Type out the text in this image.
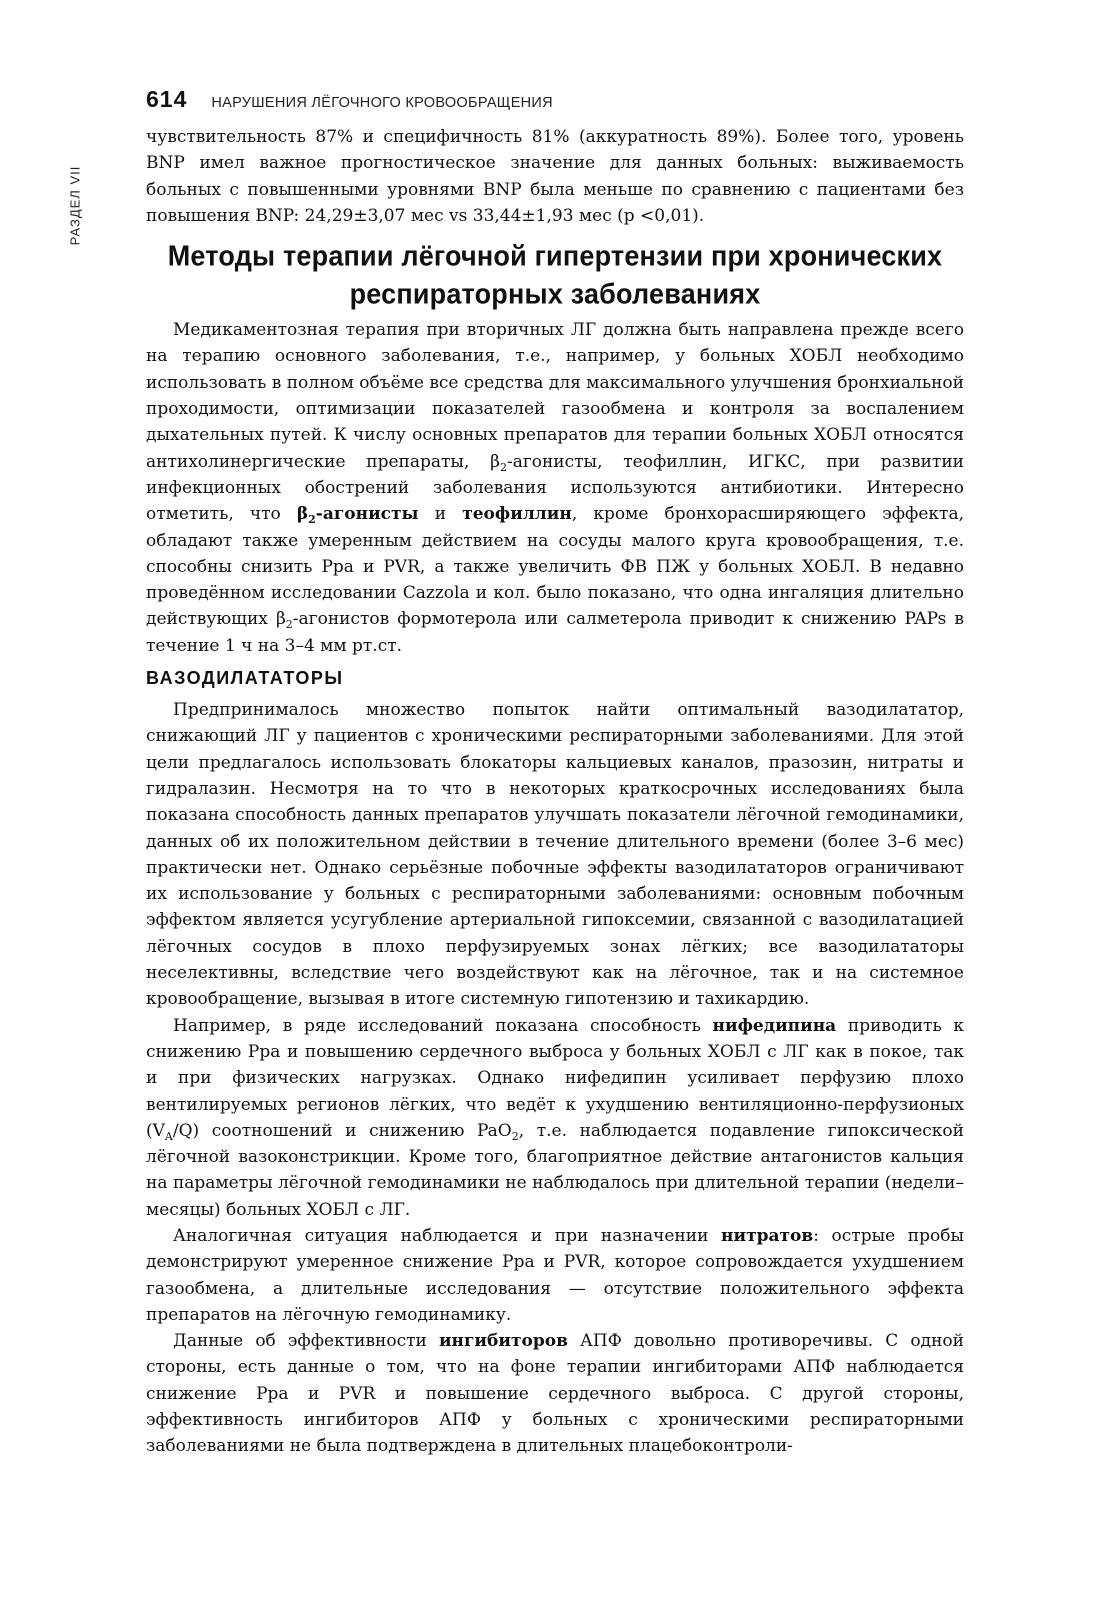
РАЗДЕЛ VII
614 НАРУШЕНИЯ ЛЁГОЧНОГО КРОВООБРАЩЕНИЯ

чувствительность 87% и специфичность 81% (аккуратность 89%). Более того, уровень BNP имел важное прогностическое значение для данных больных: выживаемость больных с повышенными уровнями BNP была меньше по сравнению с пациентами без повышения BNP: 24,29±3,07 мес vs 33,44±1,93 мес (p <0,01).

Методы терапии лёгочной гипертензии при хронических респираторных заболеваниях

Медикаментозная терапия при вторичных ЛГ должна быть направлена прежде всего на терапию основного заболевания, т.е., например, у больных ХОБЛ необходимо использовать в полном объёме все средства для максимального улучшения бронхиальной проходимости, оптимизации показателей газообмена и контроля за воспалением дыхательных путей. К числу основных препаратов для терапии больных ХОБЛ относятся антихолинергические препараты, $\beta_2$-агонисты, теофиллин, ИГКС, при развитии инфекционных обострений заболевания используются антибиотики. Интересно отметить, что $\beta_2$-агонисты и теофиллин, кроме бронхорасширяющего эффекта, обладают также умеренным действием на сосуды малого круга кровообращения, т.е. способны снизить Ppa и PVR, а также увеличить ФВ ПЖ у больных ХОБЛ. В недавно проведённом исследовании Cazzola и кол. было показано, что одна ингаляция длительно действующих $\beta_2$-агонистов формотерола или салметерола приводит к снижению PAPs в течение 1 ч на 3–4 мм рт.ст.

ВАЗОДИЛАТАТОРЫ

Предпринималось множество попыток найти оптимальный вазодилататор, снижающий ЛГ у пациентов с хроническими респираторными заболеваниями. Для этой цели предлагалось использовать блокаторы кальциевых каналов, празозин, нитраты и гидралазин. Несмотря на то что в некоторых краткосрочных исследованиях была показана способность данных препаратов улучшать показатели лёгочной гемодинамики, данных об их положительном действии в течение длительного времени (более 3–6 мес) практически нет. Однако серьёзные побочные эффекты вазодилататоров ограничивают их использование у больных с респираторными заболеваниями: основным побочным эффектом является усугубление артериальной гипоксемии, связанной с вазодилатацией лёгочных сосудов в плохо перфузируемых зонах лёгких; все вазодилататоры неселективны, вследствие чего воздействуют как на лёгочное, так и на системное кровообращение, вызывая в итоге системную гипотензию и тахикардию.

Например, в ряде исследований показана способность нифедипина приводить к снижению Ppa и повышению сердечного выброса у больных ХОБЛ с ЛГ как в покое, так и при физических нагрузках. Однако нифедипин усиливает перфузию плохо вентилируемых регионов лёгких, что ведёт к ухудшению вентиляционно-перфузионых $(V_A/Q)$ соотношений и снижению PaO$_2$, т.е. наблюдается подавление гипоксической лёгочной вазоконстрикции. Кроме того, благоприятное действие антагонистов кальция на параметры лёгочной гемодинамики не наблюдалось при длительной терапии (недели–месяцы) больных ХОБЛ с ЛГ.

Аналогичная ситуация наблюдается и при назначении нитратов: острые пробы демонстрируют умеренное снижение Ppa и PVR, которое сопровождается ухудшением газообмена, а длительные исследования — отсутствие положительного эффекта препаратов на лёгочную гемодинамику.

Данные об эффективности ингибиторов АПФ довольно противоречивы. С одной стороны, есть данные о том, что на фоне терапии ингибиторами АПФ наблюдается снижение Ppa и PVR и повышение сердечного выброса. С другой стороны, эффективность ингибиторов АПФ у больных с хроническими респираторными заболеваниями не была подтверждена в длительных плацебоконтроли-
